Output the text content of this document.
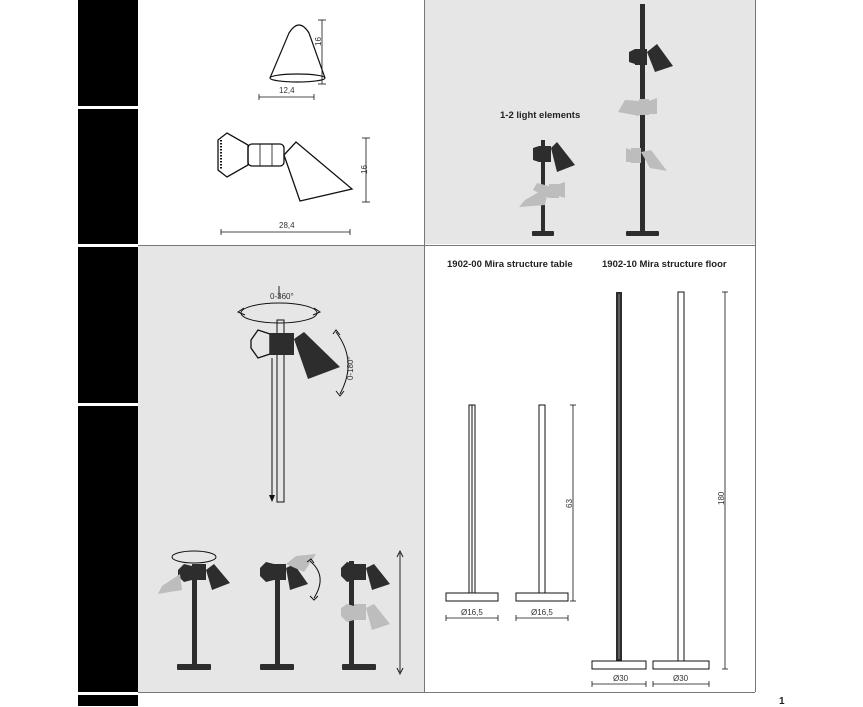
16
12,4
16
28,4
1-2 light elements
0-360°
0-180°
1902-00 Mira structure table	1902-10 Mira structure floor
63	180
Ø16,5	Ø16,5
Ø30	Ø30
1
